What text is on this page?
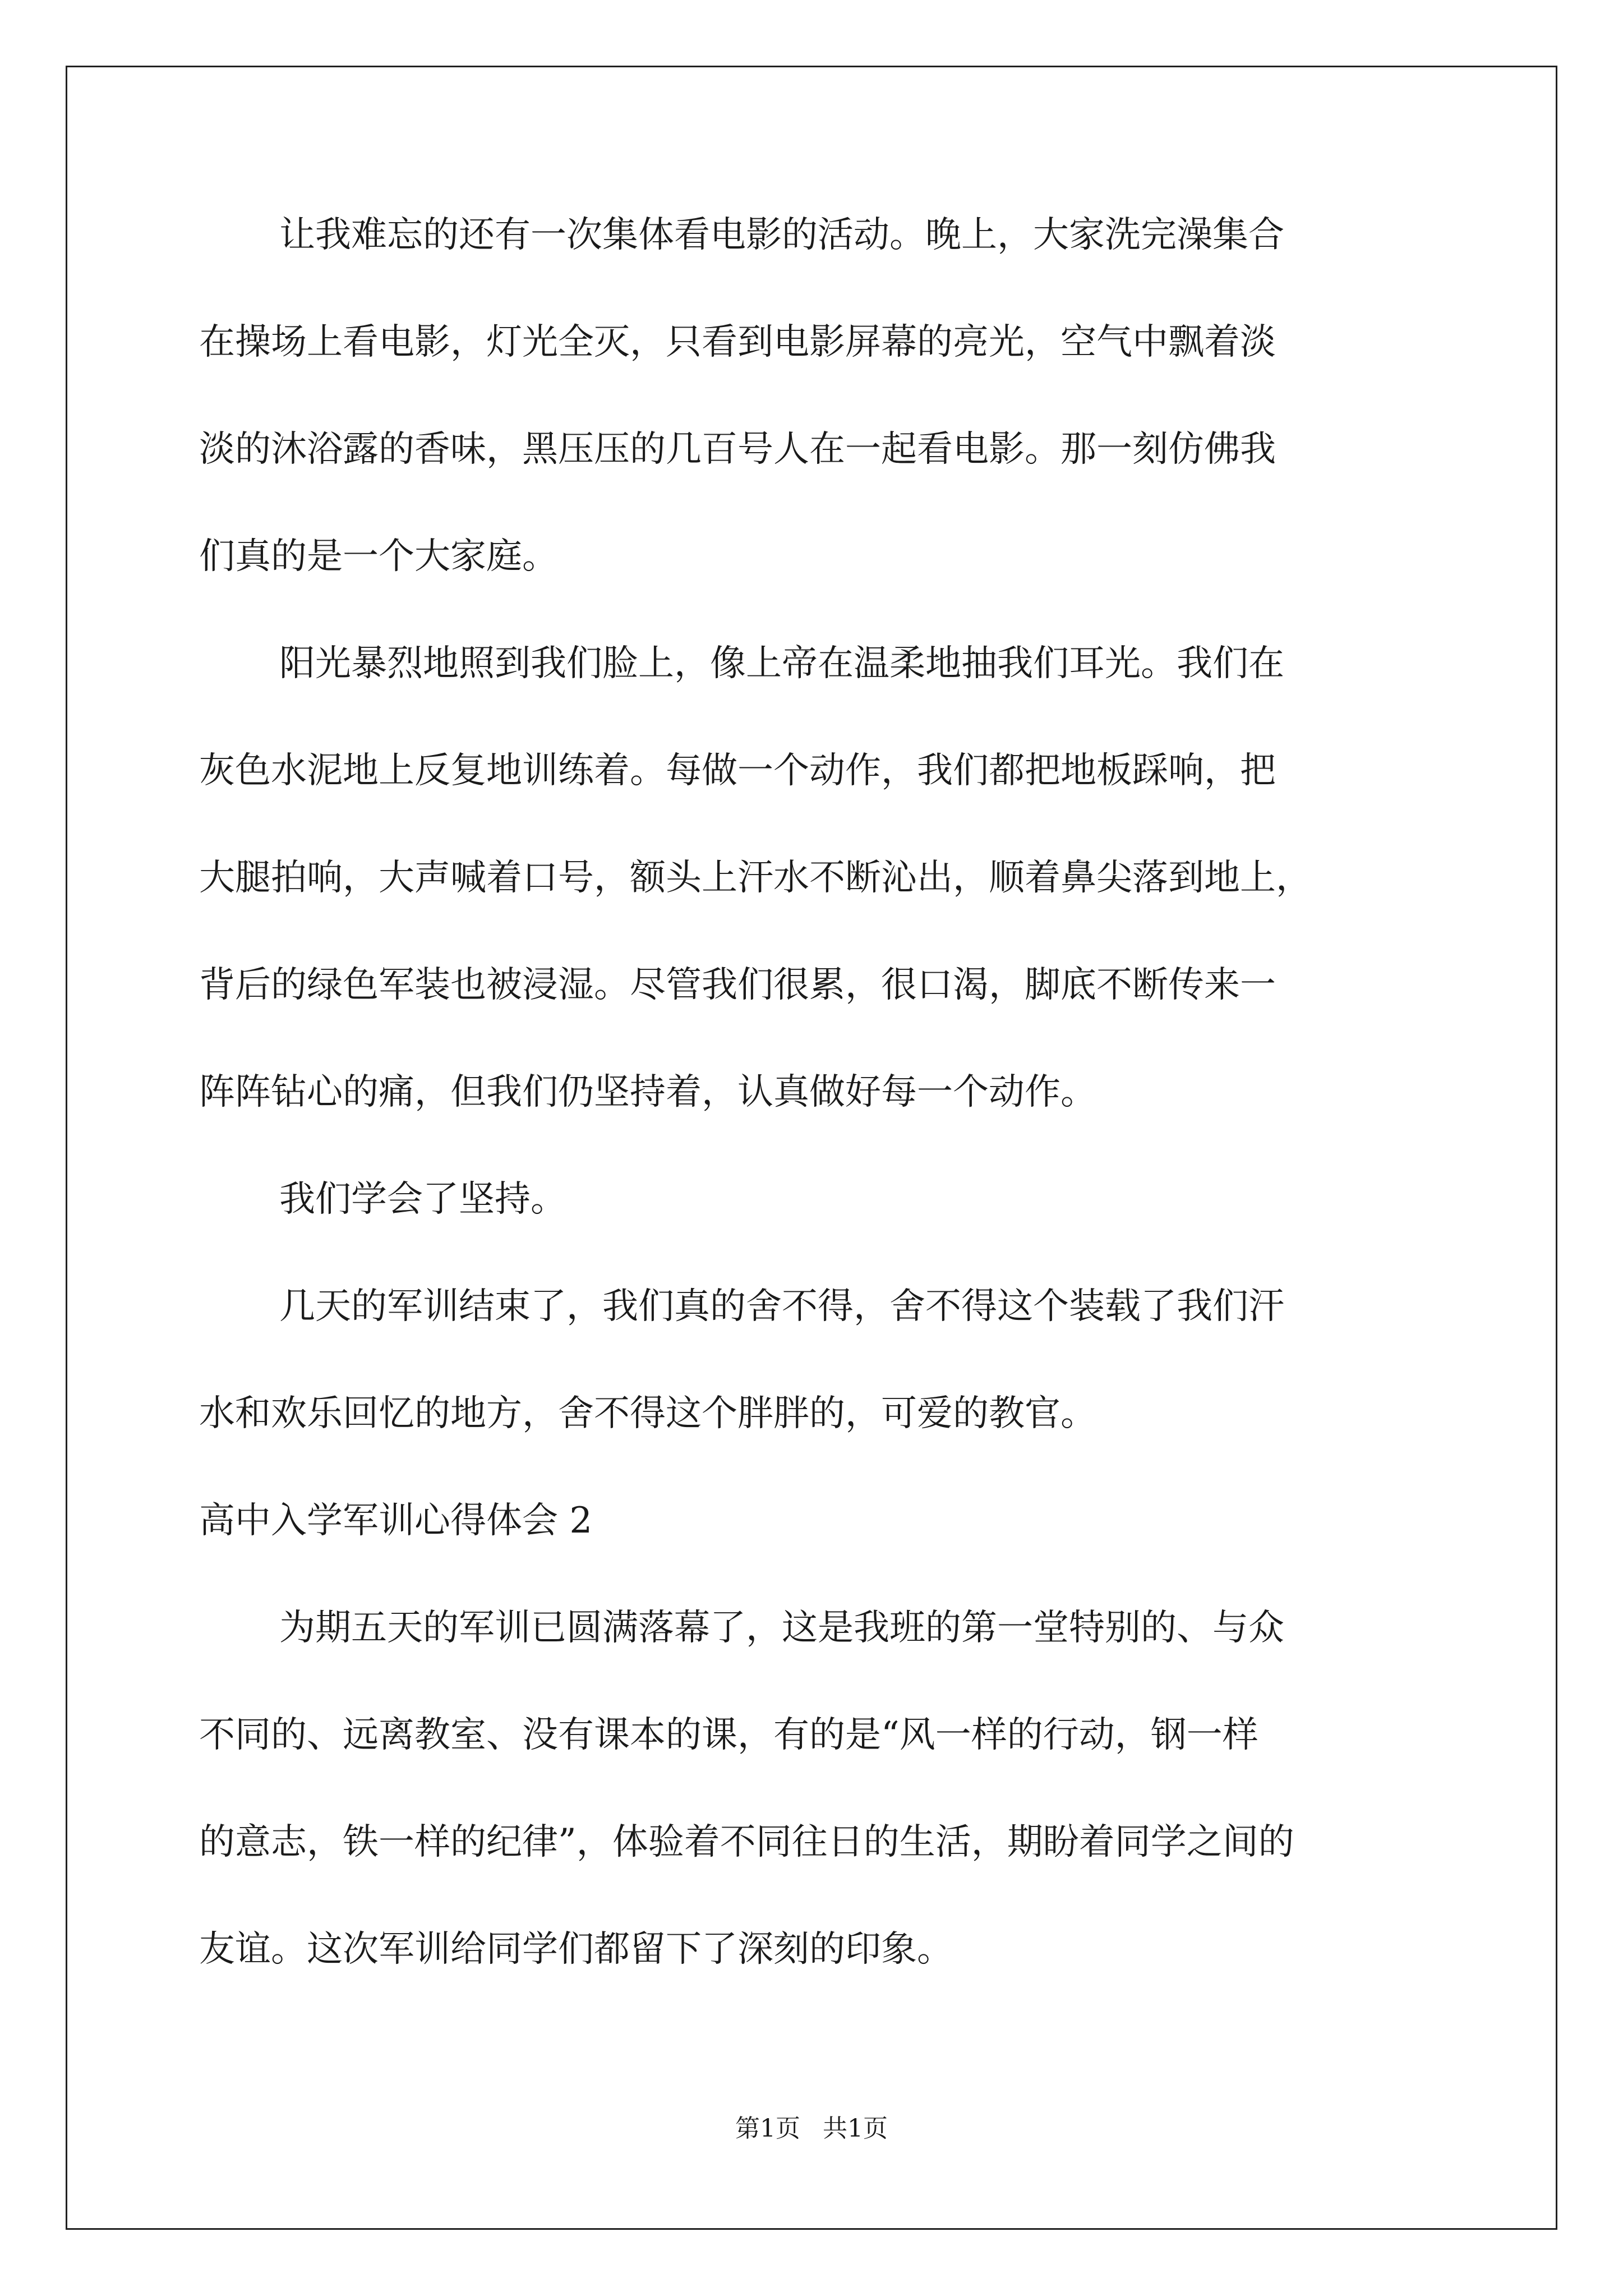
让我难忘的还有一次集体看电影的活动。晚上，大家洗完澡集合

在操场上看电影，灯光全灭，只看到电影屏幕的亮光，空气中飘着淡

淡的沐浴露的香味，黑压压的几百号人在一起看电影。那一刻仿佛我

们真的是一个大家庭。

阳光暴烈地照到我们脸上，像上帝在温柔地抽我们耳光。我们在

灰色水泥地上反复地训练着。每做一个动作，我们都把地板踩响，把

大腿拍响，大声喊着口号，额头上汗水不断沁出，顺着鼻尖落到地上，

背后的绿色军装也被浸湿。尽管我们很累，很口渴，脚底不断传来一

阵阵钻心的痛，但我们仍坚持着，认真做好每一个动作。

我们学会了坚持。

几天的军训结束了，我们真的舍不得，舍不得这个装载了我们汗

水和欢乐回忆的地方，舍不得这个胖胖的，可爱的教官。

高中入学军训心得体会 2

为期五天的军训已圆满落幕了，这是我班的第一堂特别的、与众

不同的、远离教室、没有课本的课，有的是“风一样的行动，钢一样

的意志，铁一样的纪律”，体验着不同往日的生活，期盼着同学之间的

友谊。这次军训给同学们都留下了深刻的印象。

第1页 共1页
